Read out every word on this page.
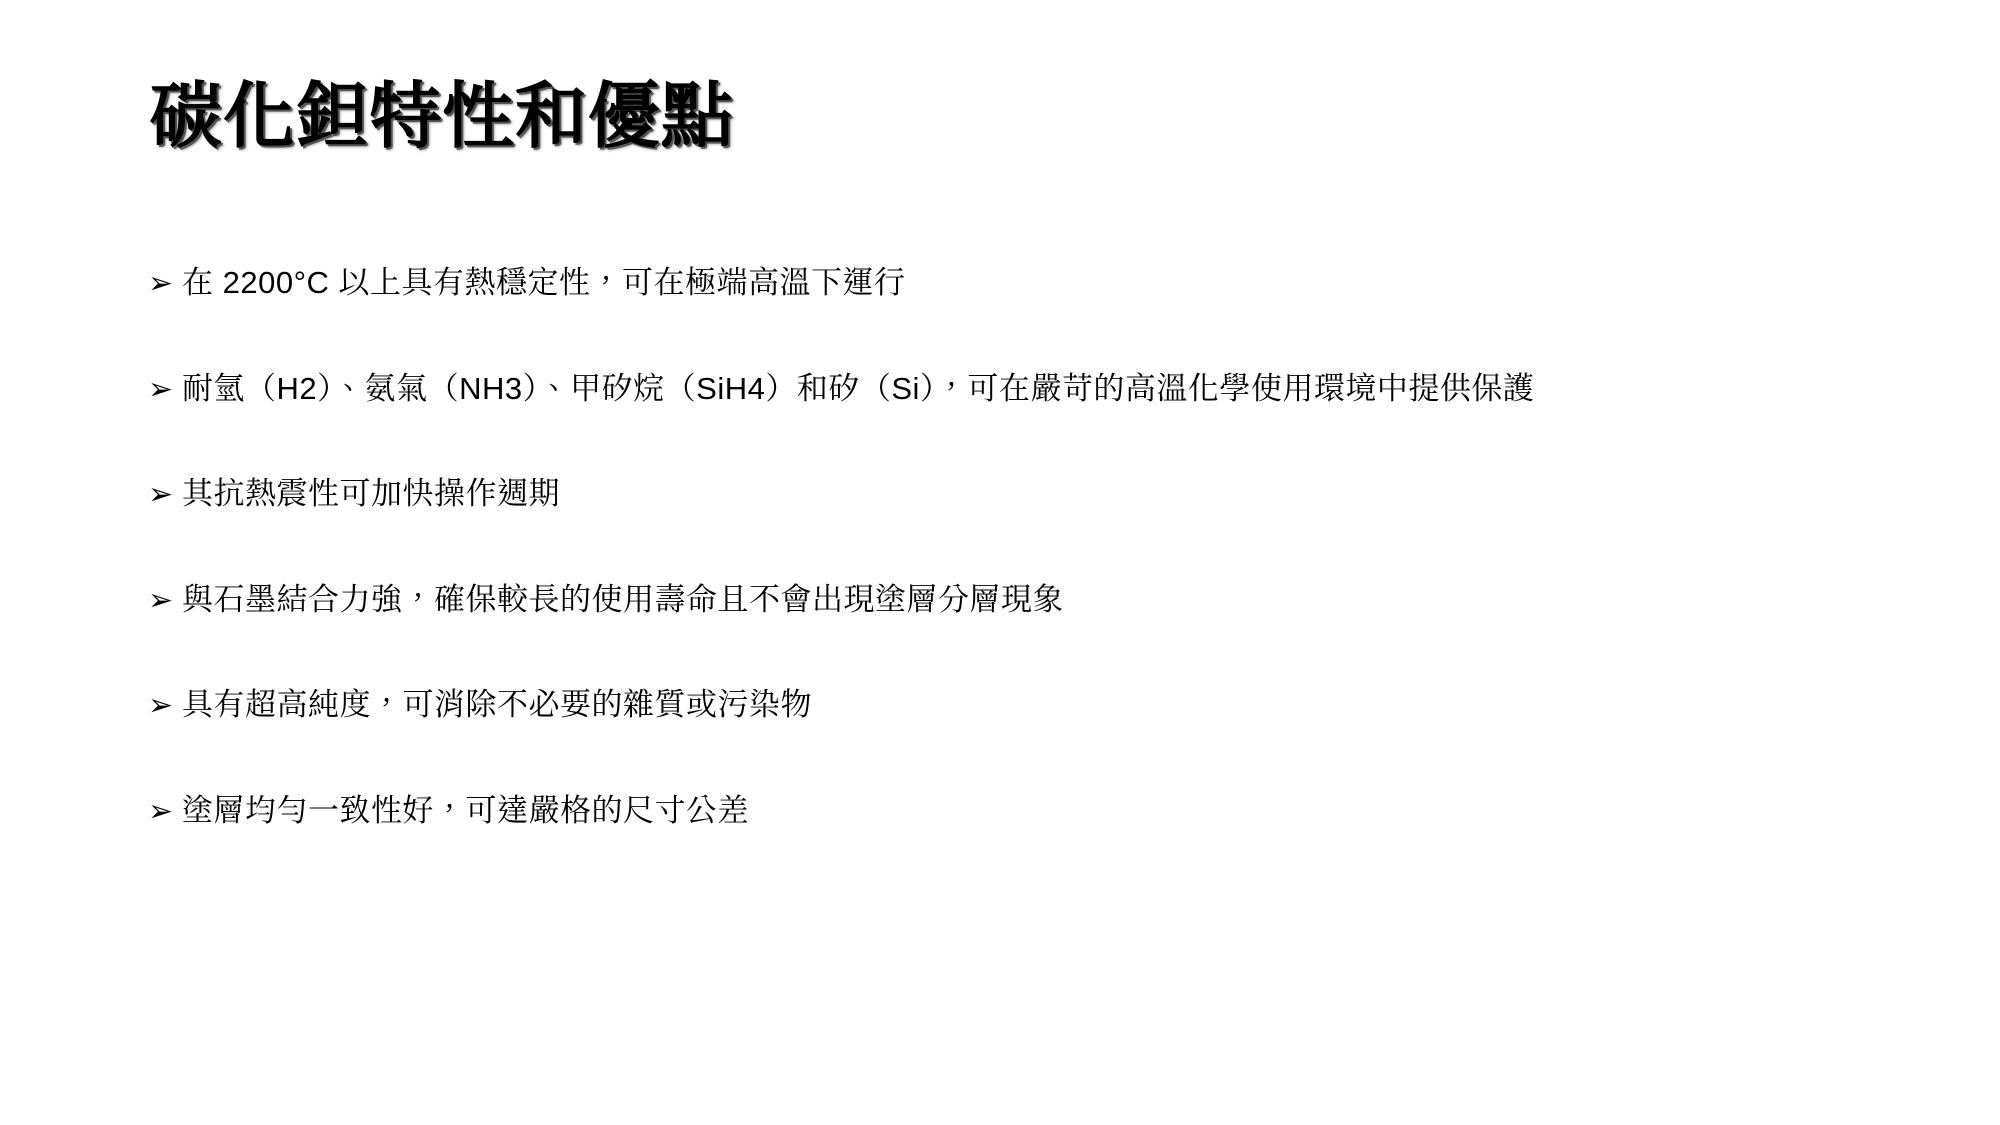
碳化鉭特性和優點
➢ 在 2200°C 以上具有熱穩定性，可在極端高溫下運行
➢ 耐氫（H2）、氨氣（NH3）、甲矽烷（SiH4）和矽（Si），可在嚴苛的高溫化學使用環境中提供保護
➢ 其抗熱震性可加快操作週期
➢ 與石墨結合力強，確保較長的使用壽命且不會出現塗層分層現象
➢ 具有超高純度，可消除不必要的雜質或污染物
➢ 塗層均勻一致性好，可達嚴格的尺寸公差
